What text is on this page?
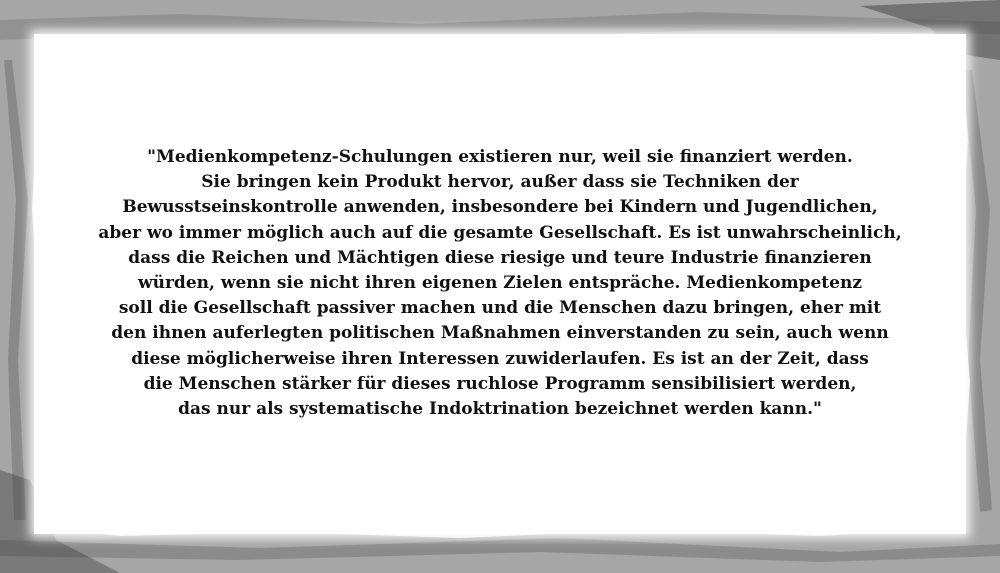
"Medienkompetenz-Schulungen existieren nur, weil sie finanziert werden.
Sie bringen kein Produkt hervor, außer dass sie Techniken der
Bewusstseinskontrolle anwenden, insbesondere bei Kindern und Jugendlichen,
aber wo immer möglich auch auf die gesamte Gesellschaft. Es ist unwahrscheinlich,
dass die Reichen und Mächtigen diese riesige und teure Industrie finanzieren
würden, wenn sie nicht ihren eigenen Zielen entspräche. Medienkompetenz
soll die Gesellschaft passiver machen und die Menschen dazu bringen, eher mit
den ihnen auferlegten politischen Maßnahmen einverstanden zu sein, auch wenn
diese möglicherweise ihren Interessen zuwiderlaufen. Es ist an der Zeit, dass
die Menschen stärker für dieses ruchlose Programm sensibilisiert werden,
das nur als systematische Indoktrination bezeichnet werden kann."
